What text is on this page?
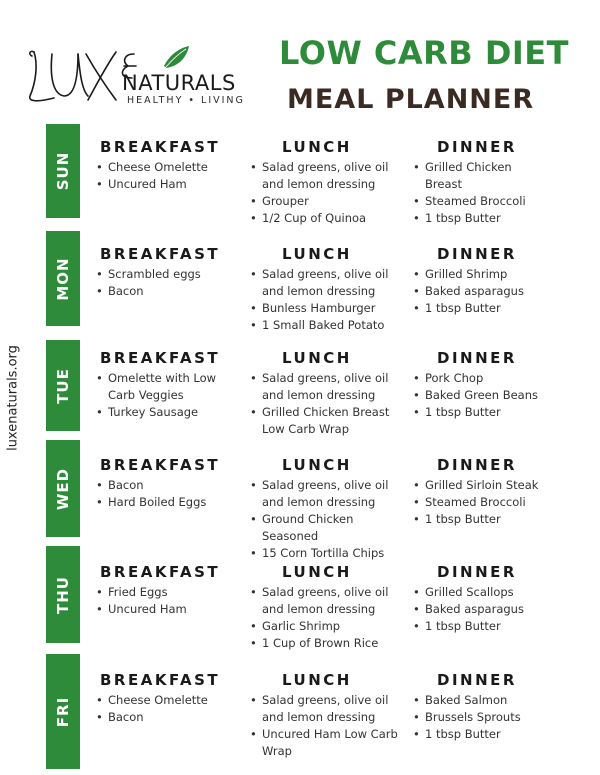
NATURALS
HEALTHY • LIVING
LOW CARB DIET
MEAL PLANNER
luxenaturals.org
SUN
BREAKFAST
• Cheese Omelette
• Uncured Ham
LUNCH
• Salad greens, olive oil and lemon dressing
• Grouper
• 1/2 Cup of Quinoa
DINNER
• Grilled Chicken Breast
• Steamed Broccoli
• 1 tbsp Butter
MON
BREAKFAST
• Scrambled eggs
• Bacon
LUNCH
• Salad greens, olive oil and lemon dressing
• Bunless Hamburger
• 1 Small Baked Potato
DINNER
• Grilled Shrimp
• Baked asparagus
• 1 tbsp Butter
TUE
BREAKFAST
• Omelette with Low Carb Veggies
• Turkey Sausage
LUNCH
• Salad greens, olive oil and lemon dressing
• Grilled Chicken Breast Low Carb Wrap
DINNER
• Pork Chop
• Baked Green Beans
• 1 tbsp Butter
WED
BREAKFAST
• Bacon
• Hard Boiled Eggs
LUNCH
• Salad greens, olive oil and lemon dressing
• Ground Chicken Seasoned
• 15 Corn Tortilla Chips
DINNER
• Grilled Sirloin Steak
• Steamed Broccoli
• 1 tbsp Butter
THU
BREAKFAST
• Fried Eggs
• Uncured Ham
LUNCH
• Salad greens, olive oil and lemon dressing
• Garlic Shrimp
• 1 Cup of Brown Rice
DINNER
• Grilled Scallops
• Baked asparagus
• 1 tbsp Butter
FRI
BREAKFAST
• Cheese Omelette
• Bacon
LUNCH
• Salad greens, olive oil and lemon dressing
• Uncured Ham Low Carb Wrap
DINNER
• Baked Salmon
• Brussels Sprouts
• 1 tbsp Butter
